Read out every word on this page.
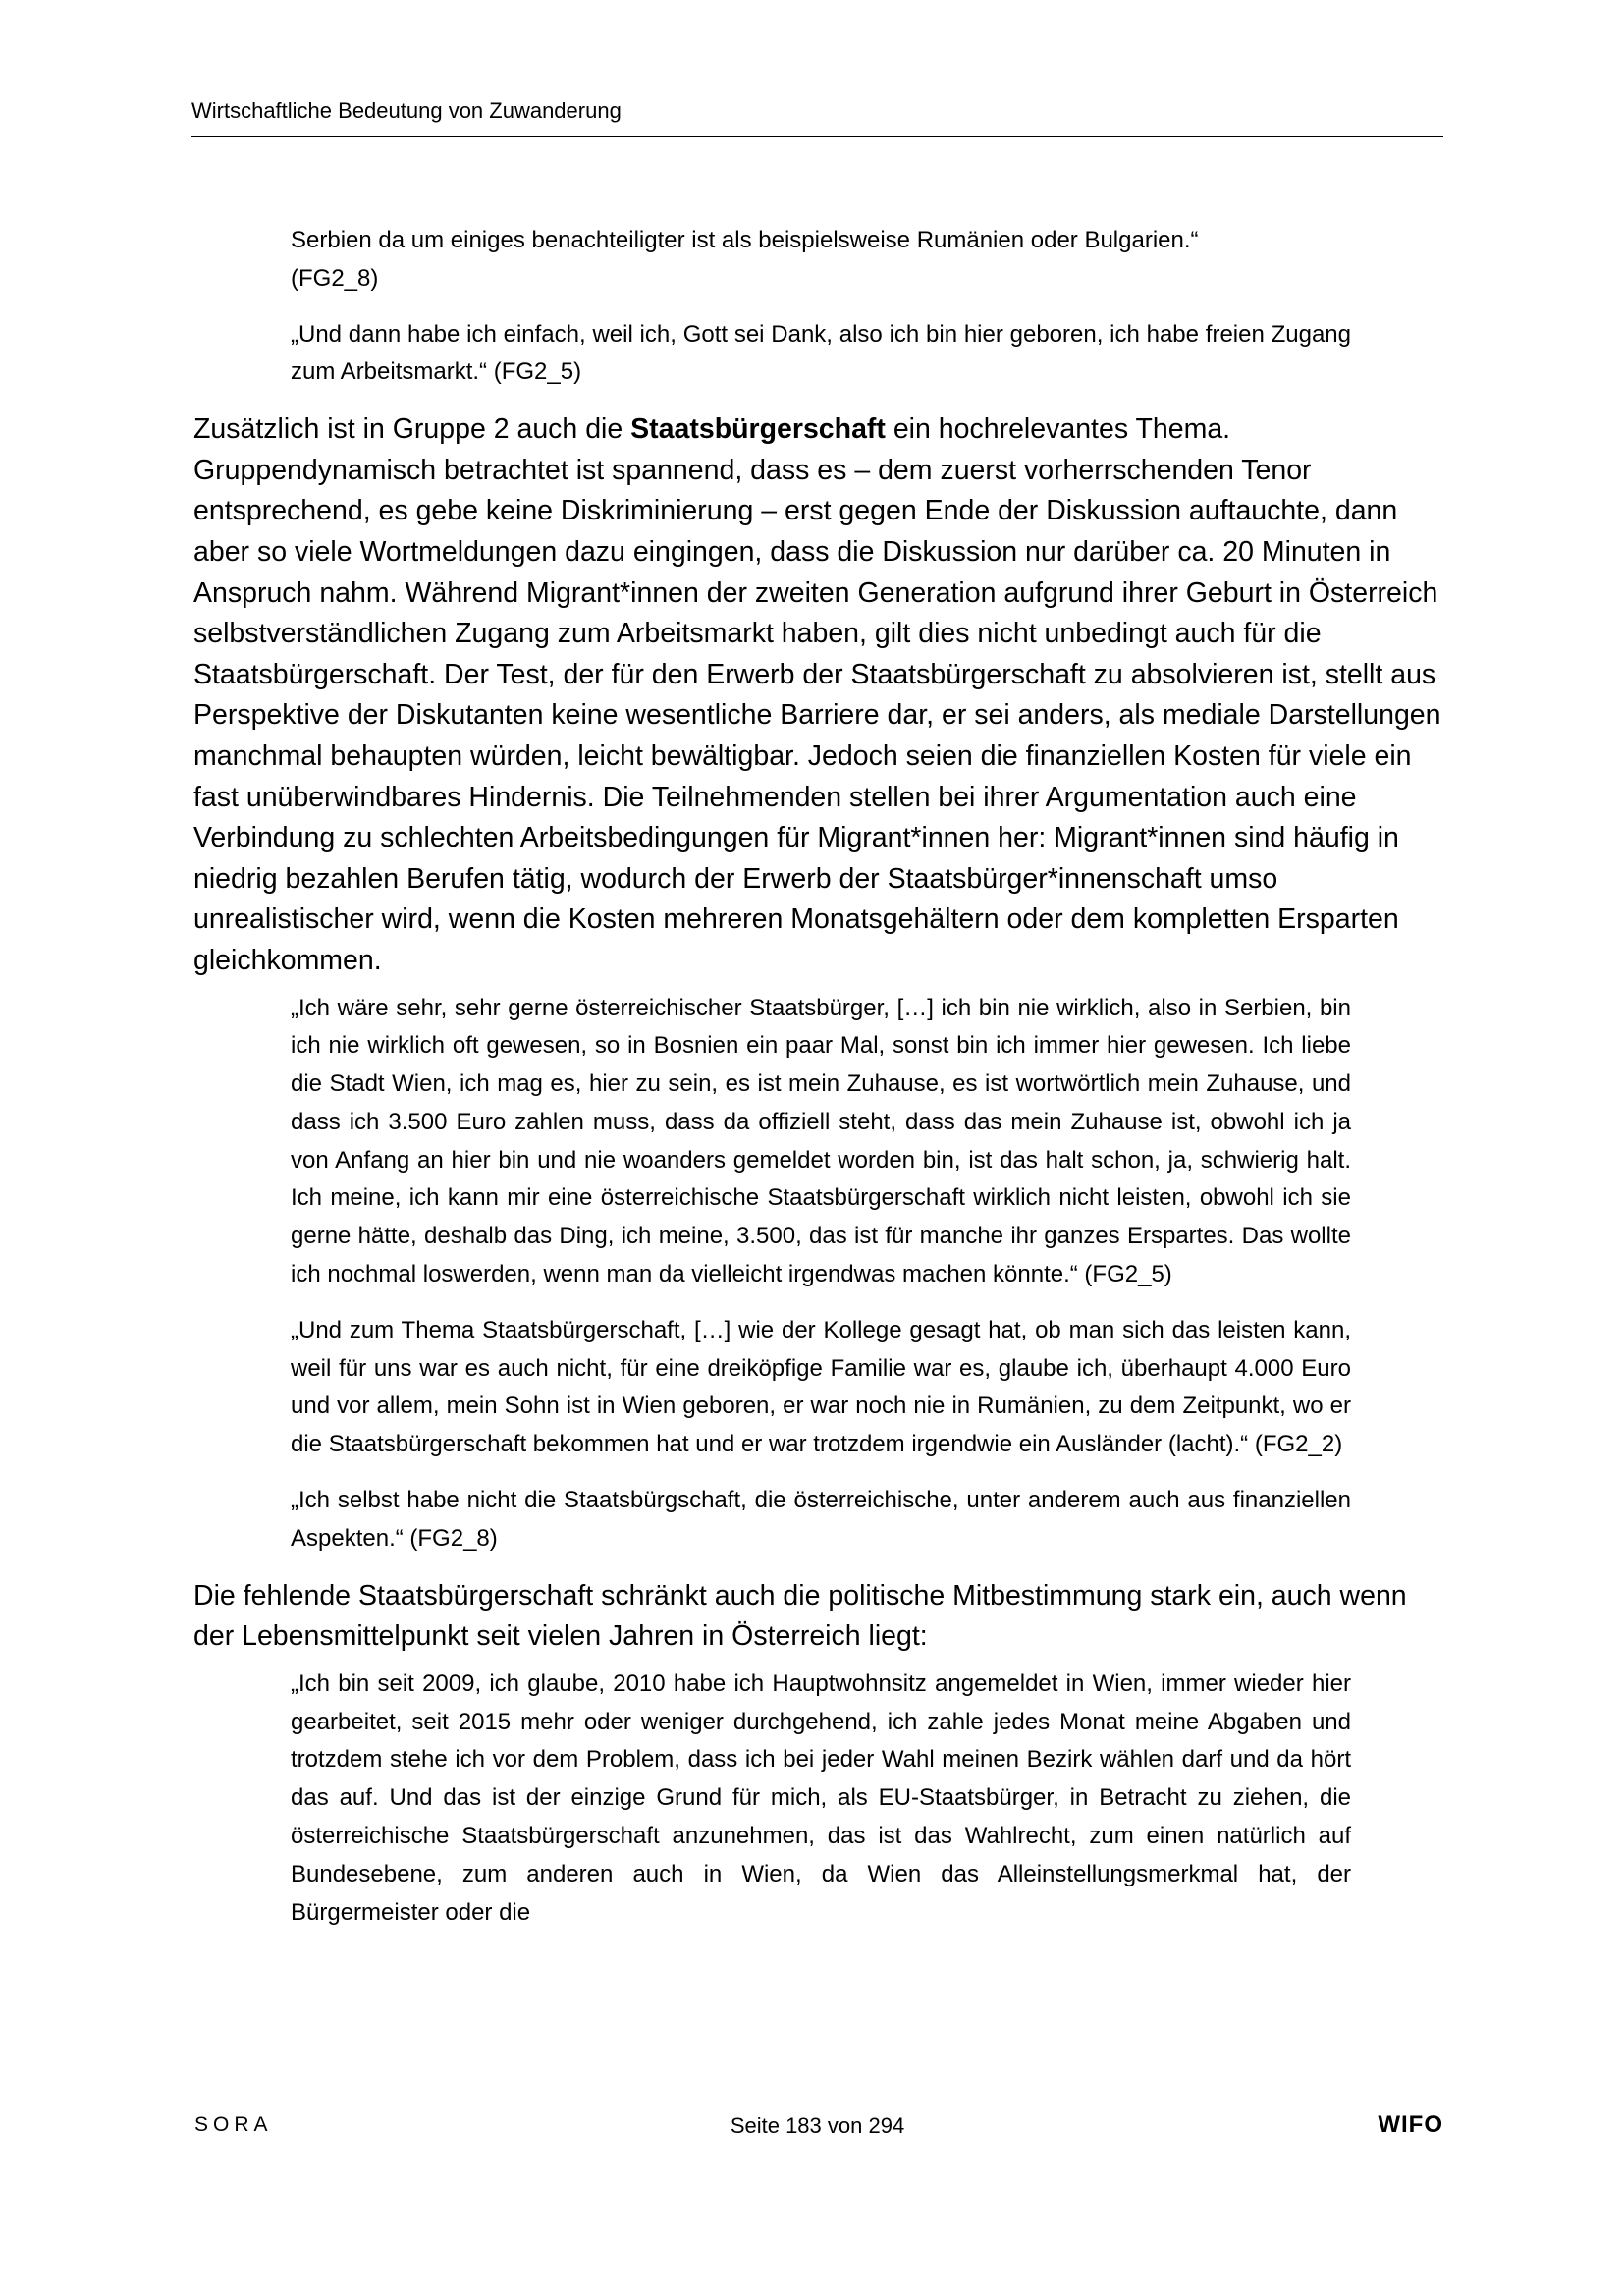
Wirtschaftliche Bedeutung von Zuwanderung
Serbien da um einiges benachteiligter ist als beispielsweise Rumänien oder Bulgarien.“
(FG2_8)
„Und dann habe ich einfach, weil ich, Gott sei Dank, also ich bin hier geboren, ich habe freien Zugang zum Arbeitsmarkt.“ (FG2_5)

Zusätzlich ist in Gruppe 2 auch die Staatsbürgerschaft ein hochrelevantes Thema. Gruppendynamisch betrachtet ist spannend, dass es – dem zuerst vorherrschenden Tenor entsprechend, es gebe keine Diskriminierung – erst gegen Ende der Diskussion auftauchte, dann aber so viele Wortmeldungen dazu eingingen, dass die Diskussion nur darüber ca. 20 Minuten in Anspruch nahm. Während Migrant*innen der zweiten Generation aufgrund ihrer Geburt in Österreich selbstverständlichen Zugang zum Arbeitsmarkt haben, gilt dies nicht unbedingt auch für die Staatsbürgerschaft. Der Test, der für den Erwerb der Staatsbürgerschaft zu absolvieren ist, stellt aus Perspektive der Diskutanten keine wesentliche Barriere dar, er sei anders, als mediale Darstellungen manchmal behaupten würden, leicht bewältigbar. Jedoch seien die finanziellen Kosten für viele ein fast unüberwindbares Hindernis. Die Teilnehmenden stellen bei ihrer Argumentation auch eine Verbindung zu schlechten Arbeitsbedingungen für Migrant*innen her: Migrant*innen sind häufig in niedrig bezahlen Berufen tätig, wodurch der Erwerb der Staatsbürger*innenschaft umso unrealistischer wird, wenn die Kosten mehreren Monatsgehältern oder dem kompletten Ersparten gleichkommen.

„Ich wäre sehr, sehr gerne österreichischer Staatsbürger, […] ich bin nie wirklich, also in Serbien, bin ich nie wirklich oft gewesen, so in Bosnien ein paar Mal, sonst bin ich immer hier gewesen. Ich liebe die Stadt Wien, ich mag es, hier zu sein, es ist mein Zuhause, es ist wortwörtlich mein Zuhause, und dass ich 3.500 Euro zahlen muss, dass da offiziell steht, dass das mein Zuhause ist, obwohl ich ja von Anfang an hier bin und nie woanders gemeldet worden bin, ist das halt schon, ja, schwierig halt. Ich meine, ich kann mir eine österreichische Staatsbürgerschaft wirklich nicht leisten, obwohl ich sie gerne hätte, deshalb das Ding, ich meine, 3.500, das ist für manche ihr ganzes Erspartes. Das wollte ich nochmal loswerden, wenn man da vielleicht irgendwas machen könnte.“ (FG2_5)
„Und zum Thema Staatsbürgerschaft, […] wie der Kollege gesagt hat, ob man sich das leisten kann, weil für uns war es auch nicht, für eine dreiköpfige Familie war es, glaube ich, überhaupt 4.000 Euro und vor allem, mein Sohn ist in Wien geboren, er war noch nie in Rumänien, zu dem Zeitpunkt, wo er die Staatsbürgerschaft bekommen hat und er war trotzdem irgendwie ein Ausländer (lacht).“ (FG2_2)
„Ich selbst habe nicht die Staatsbürgschaft, die österreichische, unter anderem auch aus finanziellen Aspekten.“ (FG2_8)

Die fehlende Staatsbürgerschaft schränkt auch die politische Mitbestimmung stark ein, auch wenn der Lebensmittelpunkt seit vielen Jahren in Österreich liegt:

„Ich bin seit 2009, ich glaube, 2010 habe ich Hauptwohnsitz angemeldet in Wien, immer wieder hier gearbeitet, seit 2015 mehr oder weniger durchgehend, ich zahle jedes Monat meine Abgaben und trotzdem stehe ich vor dem Problem, dass ich bei jeder Wahl meinen Bezirk wählen darf und da hört das auf. Und das ist der einzige Grund für mich, als EU-Staatsbürger, in Betracht zu ziehen, die österreichische Staatsbürgerschaft anzunehmen, das ist das Wahlrecht, zum einen natürlich auf Bundesebene, zum anderen auch in Wien, da Wien das Alleinstellungsmerkmal hat, der Bürgermeister oder die
SORA	Seite 183 von 294	WIFO
